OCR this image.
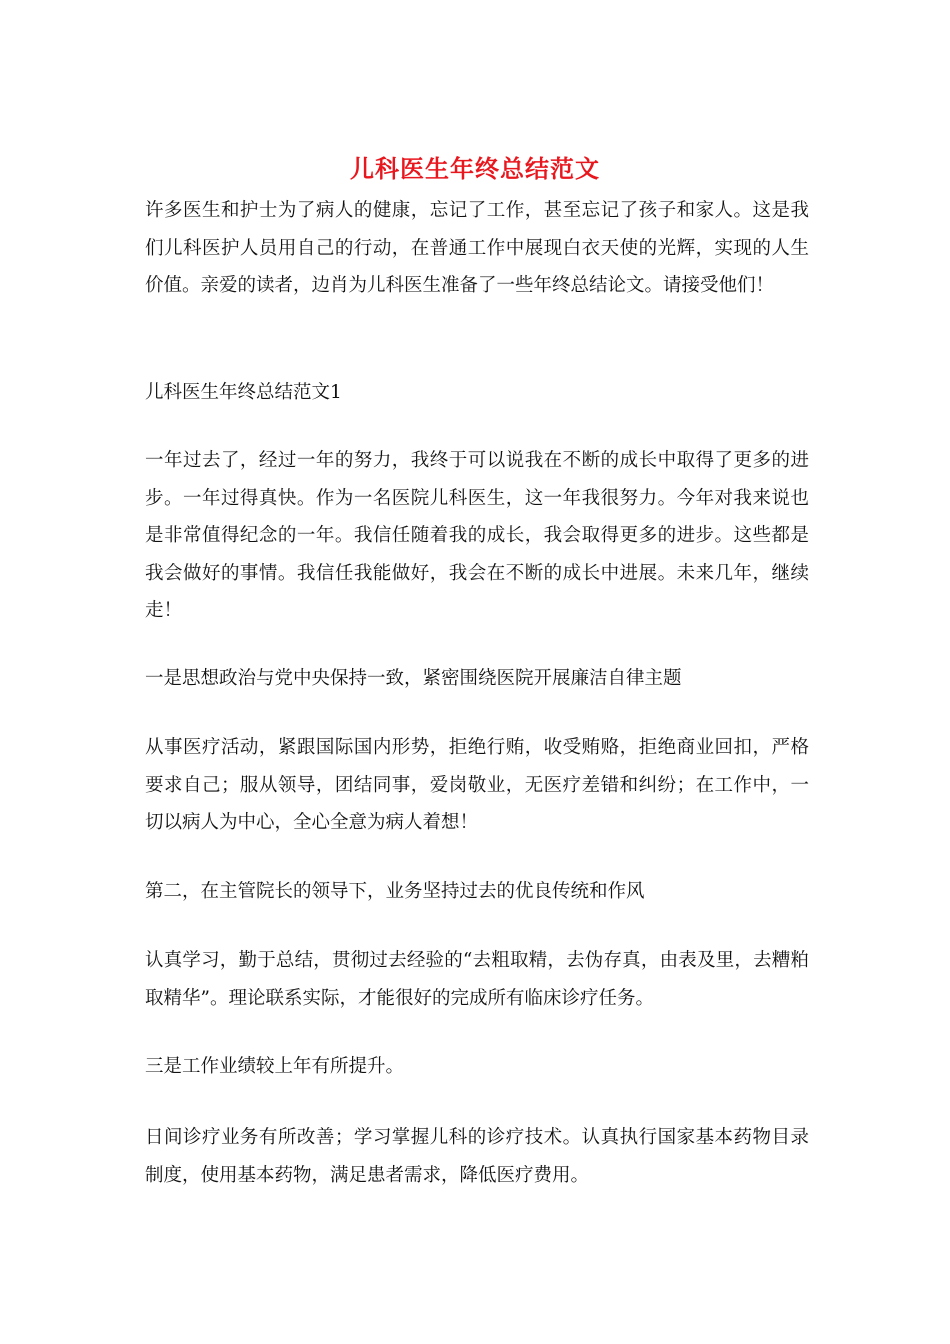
儿科医生年终总结范文

许多医生和护士为了病人的健康，忘记了工作，甚至忘记了孩子和家人。这是我们儿科医护人员用自己的行动，在普通工作中展现白衣天使的光辉，实现的人生价值。亲爱的读者，边肖为儿科医生准备了一些年终总结论文。请接受他们！

儿科医生年终总结范文1

一年过去了，经过一年的努力，我终于可以说我在不断的成长中取得了更多的进步。一年过得真快。作为一名医院儿科医生，这一年我很努力。今年对我来说也是非常值得纪念的一年。我信任随着我的成长，我会取得更多的进步。这些都是我会做好的事情。我信任我能做好，我会在不断的成长中进展。未来几年，继续走！

一是思想政治与党中央保持一致，紧密围绕医院开展廉洁自律主题

从事医疗活动，紧跟国际国内形势，拒绝行贿，收受贿赂，拒绝商业回扣，严格要求自己；服从领导，团结同事，爱岗敬业，无医疗差错和纠纷；在工作中，一切以病人为中心，全心全意为病人着想！

第二，在主管院长的领导下，业务坚持过去的优良传统和作风

认真学习，勤于总结，贯彻过去经验的“去粗取精，去伪存真，由表及里，去糟粕取精华”。理论联系实际，才能很好的完成所有临床诊疗任务。

三是工作业绩较上年有所提升。

日间诊疗业务有所改善；学习掌握儿科的诊疗技术。认真执行国家基本药物目录制度，使用基本药物，满足患者需求，降低医疗费用。
